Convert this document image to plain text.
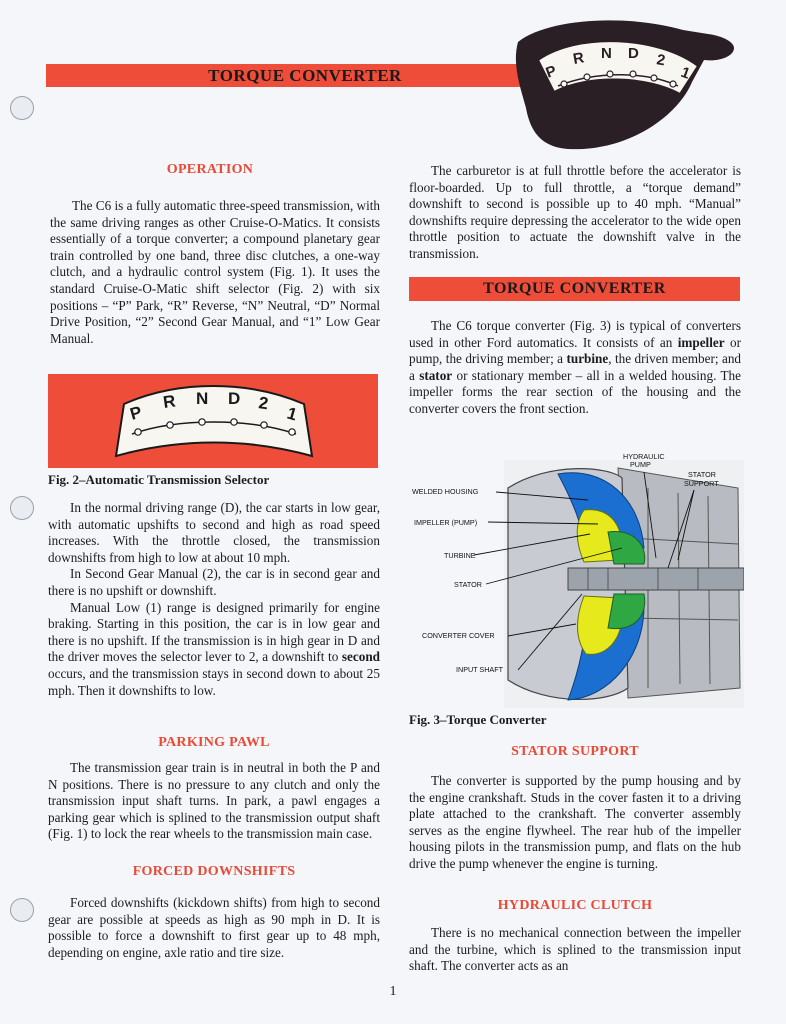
TORQUE CONVERTER	P
R N D 2
1
OPERATION

The C6 is a fully automatic three-speed transmission, with the same driving ranges as other Cruise-O-Matics. It consists essentially of a torque converter; a compound planetary gear train controlled by one band, three disc clutches, a one-way clutch, and a hydraulic control system (Fig. 1). It uses the standard Cruise-O-Matic shift selector (Fig. 2) with six positions – “P” Park, “R” Reverse, “N” Neutral, “D” Normal Drive Position, “2” Second Gear Manual, and “1” Low Gear Manual.

P
R N D 2
1
Fig. 2–Automatic Transmission Selector

In the normal driving range (D), the car starts in low gear, with automatic upshifts to second and high as road speed increases. With the throttle closed, the transmission downshifts from high to low at about 10 mph.

In Second Gear Manual (2), the car is in second gear and there is no upshift or downshift.

Manual Low (1) range is designed primarily for engine braking. Starting in this position, the car is in low gear and there is no upshift. If the transmission is in high gear in D and the driver moves the selector lever to 2, a downshift to second occurs, and the transmission stays in second down to about 25 mph. Then it downshifts to low.

PARKING PAWL

The transmission gear train is in neutral in both the P and N positions. There is no pressure to any clutch and only the transmission input shaft turns. In park, a pawl engages a parking gear which is splined to the transmission output shaft (Fig. 1) to lock the rear wheels to the transmission main case.

FORCED DOWNSHIFTS

Forced downshifts (kickdown shifts) from high to second gear are possible at speeds as high as 90 mph in D. It is possible to force a downshift to first gear up to 48 mph, depending on engine, axle ratio and tire size.

The carburetor is at full throttle before the accelerator is floor-boarded. Up to full throttle, a “torque demand” downshift to second is possible up to 40 mph. “Manual” downshifts require depressing the accelerator to the wide open throttle position to actuate the downshift valve in the transmission.

TORQUE CONVERTER

The C6 torque converter (Fig. 3) is typical of converters used in other Ford automatics. It consists of an impeller or pump, the driving member; a turbine, the driven member; and a stator or stationary member – all in a welded housing. The impeller forms the rear section of the housing and the converter covers the front section.

HYDRAULIC
PUMP
STATOR
SUPPORT
WELDED HOUSING
IMPELLER (PUMP)
TURBINE
STATOR
CONVERTER COVER
INPUT SHAFT
Fig. 3–Torque Converter
STATOR SUPPORT

The converter is supported by the pump housing and by the engine crankshaft. Studs in the cover fasten it to a driving plate attached to the crankshaft. The converter assembly serves as the engine flywheel. The rear hub of the impeller housing pilots in the transmission pump, and flats on the hub drive the pump whenever the engine is turning.

HYDRAULIC CLUTCH

There is no mechanical connection between the impeller and the turbine, which is splined to the transmission input shaft. The converter acts as an

1
